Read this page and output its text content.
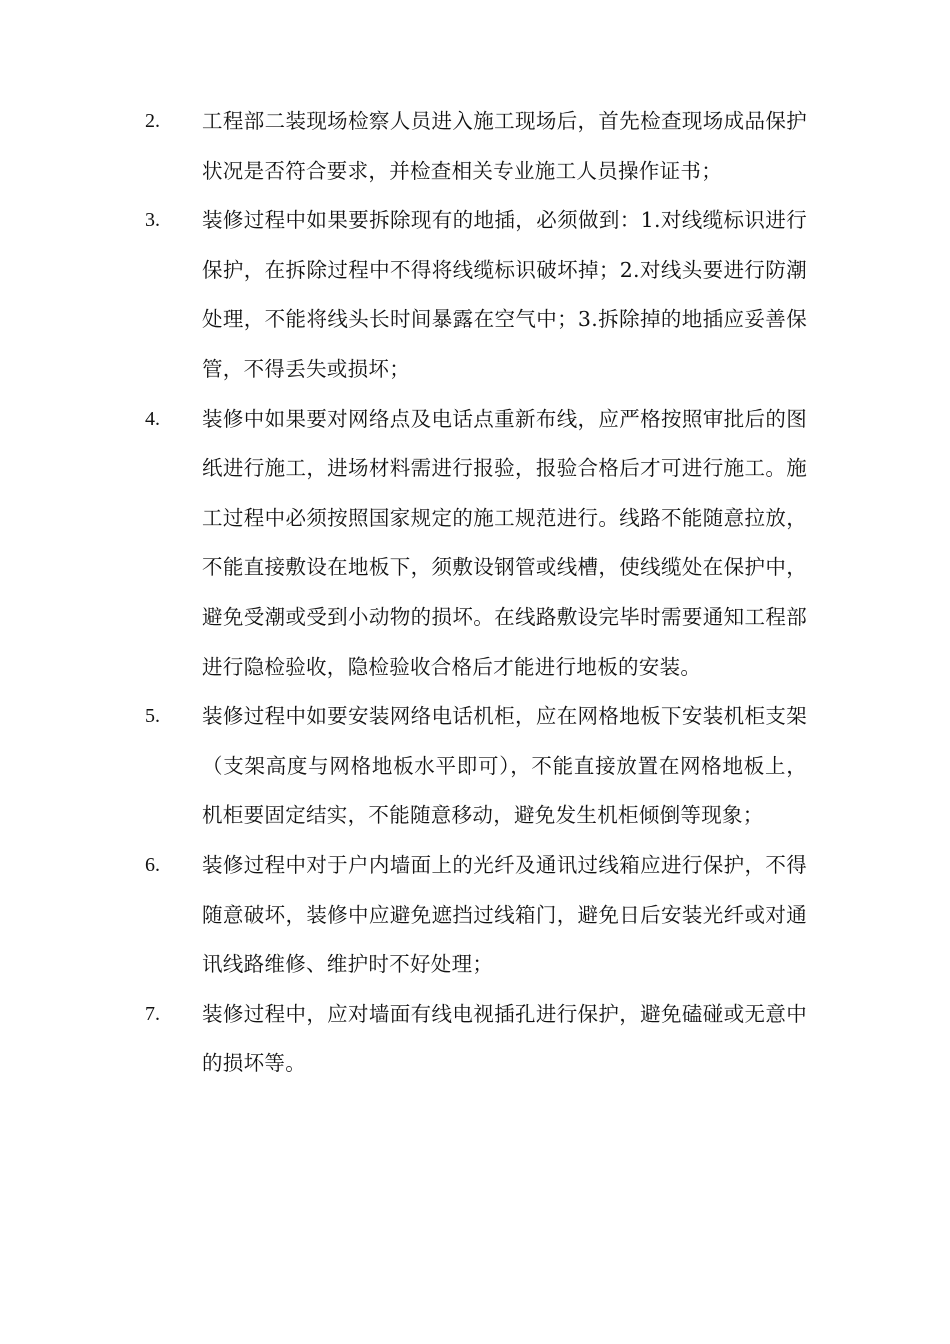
2.	工程部二装现场检察人员进入施工现场后，首先检查现场成品保护状况是否符合要求，并检查相关专业施工人员操作证书；
3.	装修过程中如果要拆除现有的地插，必须做到：1.对线缆标识进行保护，在拆除过程中不得将线缆标识破坏掉；2.对线头要进行防潮处理，不能将线头长时间暴露在空气中；3.拆除掉的地插应妥善保管，不得丢失或损坏；
4.	装修中如果要对网络点及电话点重新布线，应严格按照审批后的图纸进行施工，进场材料需进行报验，报验合格后才可进行施工。施工过程中必须按照国家规定的施工规范进行。线路不能随意拉放，不能直接敷设在地板下，须敷设钢管或线槽，使线缆处在保护中，避免受潮或受到小动物的损坏。在线路敷设完毕时需要通知工程部进行隐检验收，隐检验收合格后才能进行地板的安装。
5.	装修过程中如要安装网络电话机柜，应在网格地板下安装机柜支架（支架高度与网格地板水平即可），不能直接放置在网格地板上，机柜要固定结实，不能随意移动，避免发生机柜倾倒等现象；
6.	装修过程中对于户内墙面上的光纤及通讯过线箱应进行保护，不得随意破坏，装修中应避免遮挡过线箱门，避免日后安装光纤或对通讯线路维修、维护时不好处理；
7.	装修过程中，应对墙面有线电视插孔进行保护，避免磕碰或无意中的损坏等。
